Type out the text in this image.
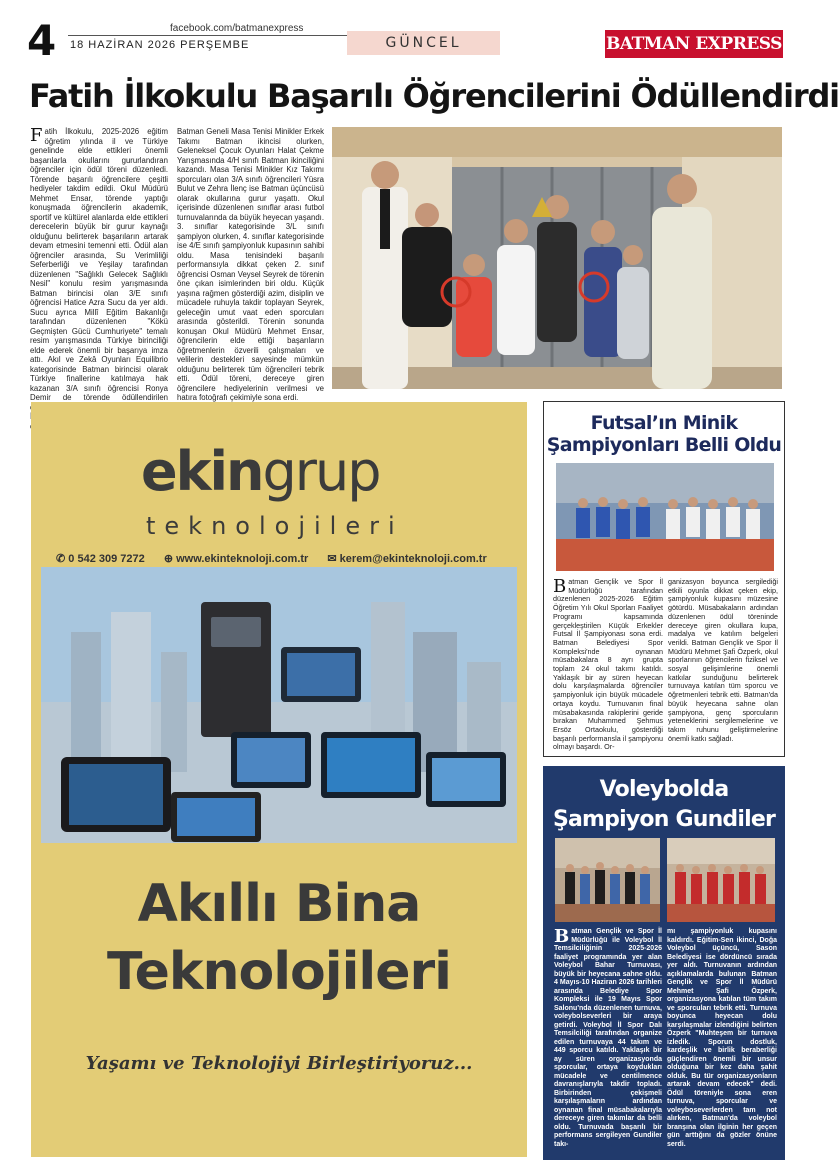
4	facebook.com/batmanexpress
18 HAZİRAN 2026 PERŞEMBE	GÜNCEL	BATMAN EXPRESS
Fatih İlkokulu Başarılı Öğrencilerini Ödüllendirdi
Fatih İlkokulu, 2025-2026 eğitim öğretim yılında il ve Türkiye genelinde elde ettikleri önemli başarılarla okullarını gururlandıran öğrenciler için ödül töreni düzenledi. Törende başarılı öğrencilere çeşitli hediyeler takdim edildi. Okul Müdürü Mehmet Ensar, törende yaptığı konuşmada öğrencilerin akademik, sportif ve kültürel alanlarda elde ettikleri derecelerin büyük bir gurur kaynağı olduğunu belirterek başarıların artarak devam etmesini temenni etti. Ödül alan öğrenciler arasında, Su Verimliliği Seferberliği ve Yeşilay tarafından düzenlenen "Sağlıklı Gelecek Sağlıklı Nesil" konulu resim yarışmasında Batman birincisi olan 3/E sınıfı öğrencisi Hatice Azra Sucu da yer aldı. Sucu ayrıca Millî Eğitim Bakanlığı tarafından düzenlenen "Kökü Geçmişten Gücü Cumhuriyete" temalı resim yarışmasında Türkiye birinciliği elde ederek önemli bir başarıya imza attı. Akıl ve Zekâ Oyunları Equilibrio kategorisinde Batman birincisi olarak Türkiye finallerine katılmaya hak kazanan 3/A sınıfı öğrencisi Ronya Demir de törende ödüllendirilen
Batman Geneli Masa Tenisi Minikler Erkek Takımı Batman ikincisi olurken, Geleneksel Çocuk Oyunları Halat Çekme Yarışmasında 4/H sınıfı Batman ikinciliğini kazandı. Masa Tenisi Minikler Kız Takımı sporcuları olan 3/A sınıfı öğrencileri Yüsra Bulut ve Zehra İlenç ise Batman üçüncüsü olarak okullarına gurur yaşattı. Okul içerisinde düzenlenen sınıflar arası futbol turnuvalarında da büyük heyecan yaşandı. 3. sınıflar kategorisinde 3/L sınıfı şampiyon olurken, 4. sınıflar kategorisinde ise 4/E sınıfı şampiyonluk kupasının sahibi oldu. Masa tenisindeki başarılı performansıyla dikkat çeken 2. sınıf öğrencisi Osman Veysel Seyrek de törenin öne çıkan isimlerinden biri oldu. Küçük yaşına rağmen gösterdiği azim, disiplin ve mücadele ruhuyla takdir toplayan Seyrek, geleceğin umut vaat eden sporcuları arasında gösterildi. Törenin sonunda konuşan Okul Müdürü Mehmet Ensar, öğrencilerin elde ettiği başarıların öğretmenlerin özverili çalışmaları ve velilerin destekleri sayesinde mümkün olduğunu belirterek tüm öğrencileri tebrik etti. Ödül töreni, dereceye giren öğrencilere hediyelerinin verilmesi ve hatıra fotoğrafı çekimiyle sona erdi.
ekingrup
teknolojileri
✆ 0 542 309 7272 ⊕ www.ekinteknoloji.com.tr ✉ kerem@ekinteknoloji.com.tr
Akıllı Bina
Teknolojileri
Yaşamı ve Teknolojiyi Birleştiriyoruz...
Futsal’ın Minik
Şampiyonları Belli Oldu
Batman Gençlik ve Spor İl Müdürlüğü tarafından düzenlenen 2025-2026 Eğitim Öğretim Yılı Okul Sporları Faaliyet Programı kapsamında gerçekleştirilen Küçük Erkekler Futsal İl Şampiyonası sona erdi. Batman Belediyesi Spor Kompleksi'nde oynanan müsabakalara 8 ayrı grupta toplam 24 okul takımı katıldı. Yaklaşık bir ay süren heyecan dolu karşılaşmalarda öğrenciler şampiyonluk için büyük mücadele ortaya koydu. Turnuvanın final müsabakasında rakiplerini geride bırakan Muhammed Şehmus Ersöz Ortaokulu, gösterdiği başarılı performansla il şampiyonu olmayı başardı. Or-
ganizasyon boyunca sergilediği etkili oyunla dikkat çeken ekip, şampiyonluk kupasını müzesine götürdü. Müsabakaların ardından düzenlenen ödül töreninde dereceye giren okullara kupa, madalya ve katılım belgeleri verildi. Batman Gençlik ve Spor İl Müdürü Mehmet Şafi Özperk, okul sporlarının öğrencilerin fiziksel ve sosyal gelişimlerine önemli katkılar sunduğunu belirterek turnuvaya katılan tüm sporcu ve öğretmenleri tebrik etti. Batman'da büyük heyecana sahne olan şampiyona, genç sporcuların yeteneklerini sergilemelerine ve takım ruhunu geliştirmelerine önemli katkı sağladı.
Voleybolda
Şampiyon Gundiler
Batman Gençlik ve Spor İl Müdürlüğü ile Voleybol İl Temsilciliğinin 2025-2026 faaliyet programında yer alan Voleybol Bahar Turnuvası, büyük bir heyecana sahne oldu. 4 Mayıs-10 Haziran 2026 tarihleri arasında Belediye Spor Kompleksi ile 19 Mayıs Spor Salonu'nda düzenlenen turnuva, voleybolseverleri bir araya getirdi. Voleybol İl Spor Dalı Temsilciliği tarafından organize edilen turnuvaya 44 takım ve 449 sporcu katıldı. Yaklaşık bir ay süren organizasyonda sporcular, ortaya koydukları mücadele ve centilmence davranışlarıyla takdir topladı. Birbirinden çekişmeli karşılaşmaların ardından oynanan final müsabakalarıyla dereceye giren takımlar da belli oldu. Turnuvada başarılı bir performans sergileyen Gundiler takı-
mı şampiyonluk kupasını kaldırdı. Eğitim-Sen ikinci, Doğa Voleybol üçüncü, Sason Belediyesi ise dördüncü sırada yer aldı. Turnuvanın ardından açıklamalarda bulunan Batman Gençlik ve Spor İl Müdürü Mehmet Şafi Özperk, organizasyona katılan tüm takım ve sporcuları tebrik etti. Turnuva boyunca heyecan dolu karşılaşmalar izlendiğini belirten Özperk "Muhteşem bir turnuva izledik. Sporun dostluk, kardeşlik ve birlik beraberliği güçlendiren önemli bir unsur olduğuna bir kez daha şahit olduk. Bu tür organizasyonların artarak devam edecek" dedi. Ödül töreniyle sona eren turnuva, sporcular ve voleyboseverlerden tam not alırken, Batman'da voleybol branşına olan ilginin her geçen gün arttığını da gözler önüne serdi.
